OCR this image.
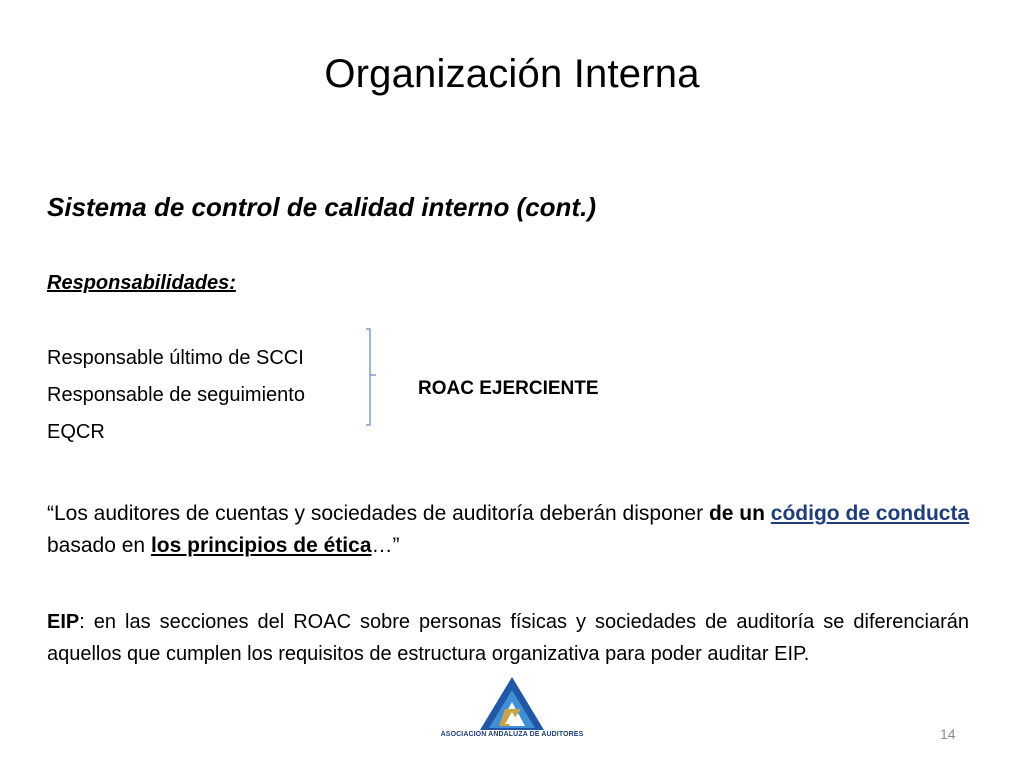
Organización Interna
Sistema de control de calidad interno (cont.)
Responsabilidades:
Responsable último de SCCI
Responsable de seguimiento
EQCR
ROAC EJERCIENTE
“Los auditores de cuentas y sociedades de auditoría deberán disponer de un código de conducta basado en los principios de ética…”
EIP: en las secciones del ROAC sobre personas físicas y sociedades de auditoría se diferenciarán aquellos que cumplen los requisitos de estructura organizativa para poder auditar EIP.
ASOCIACION ANDALUZA DE AUDITORES	14
